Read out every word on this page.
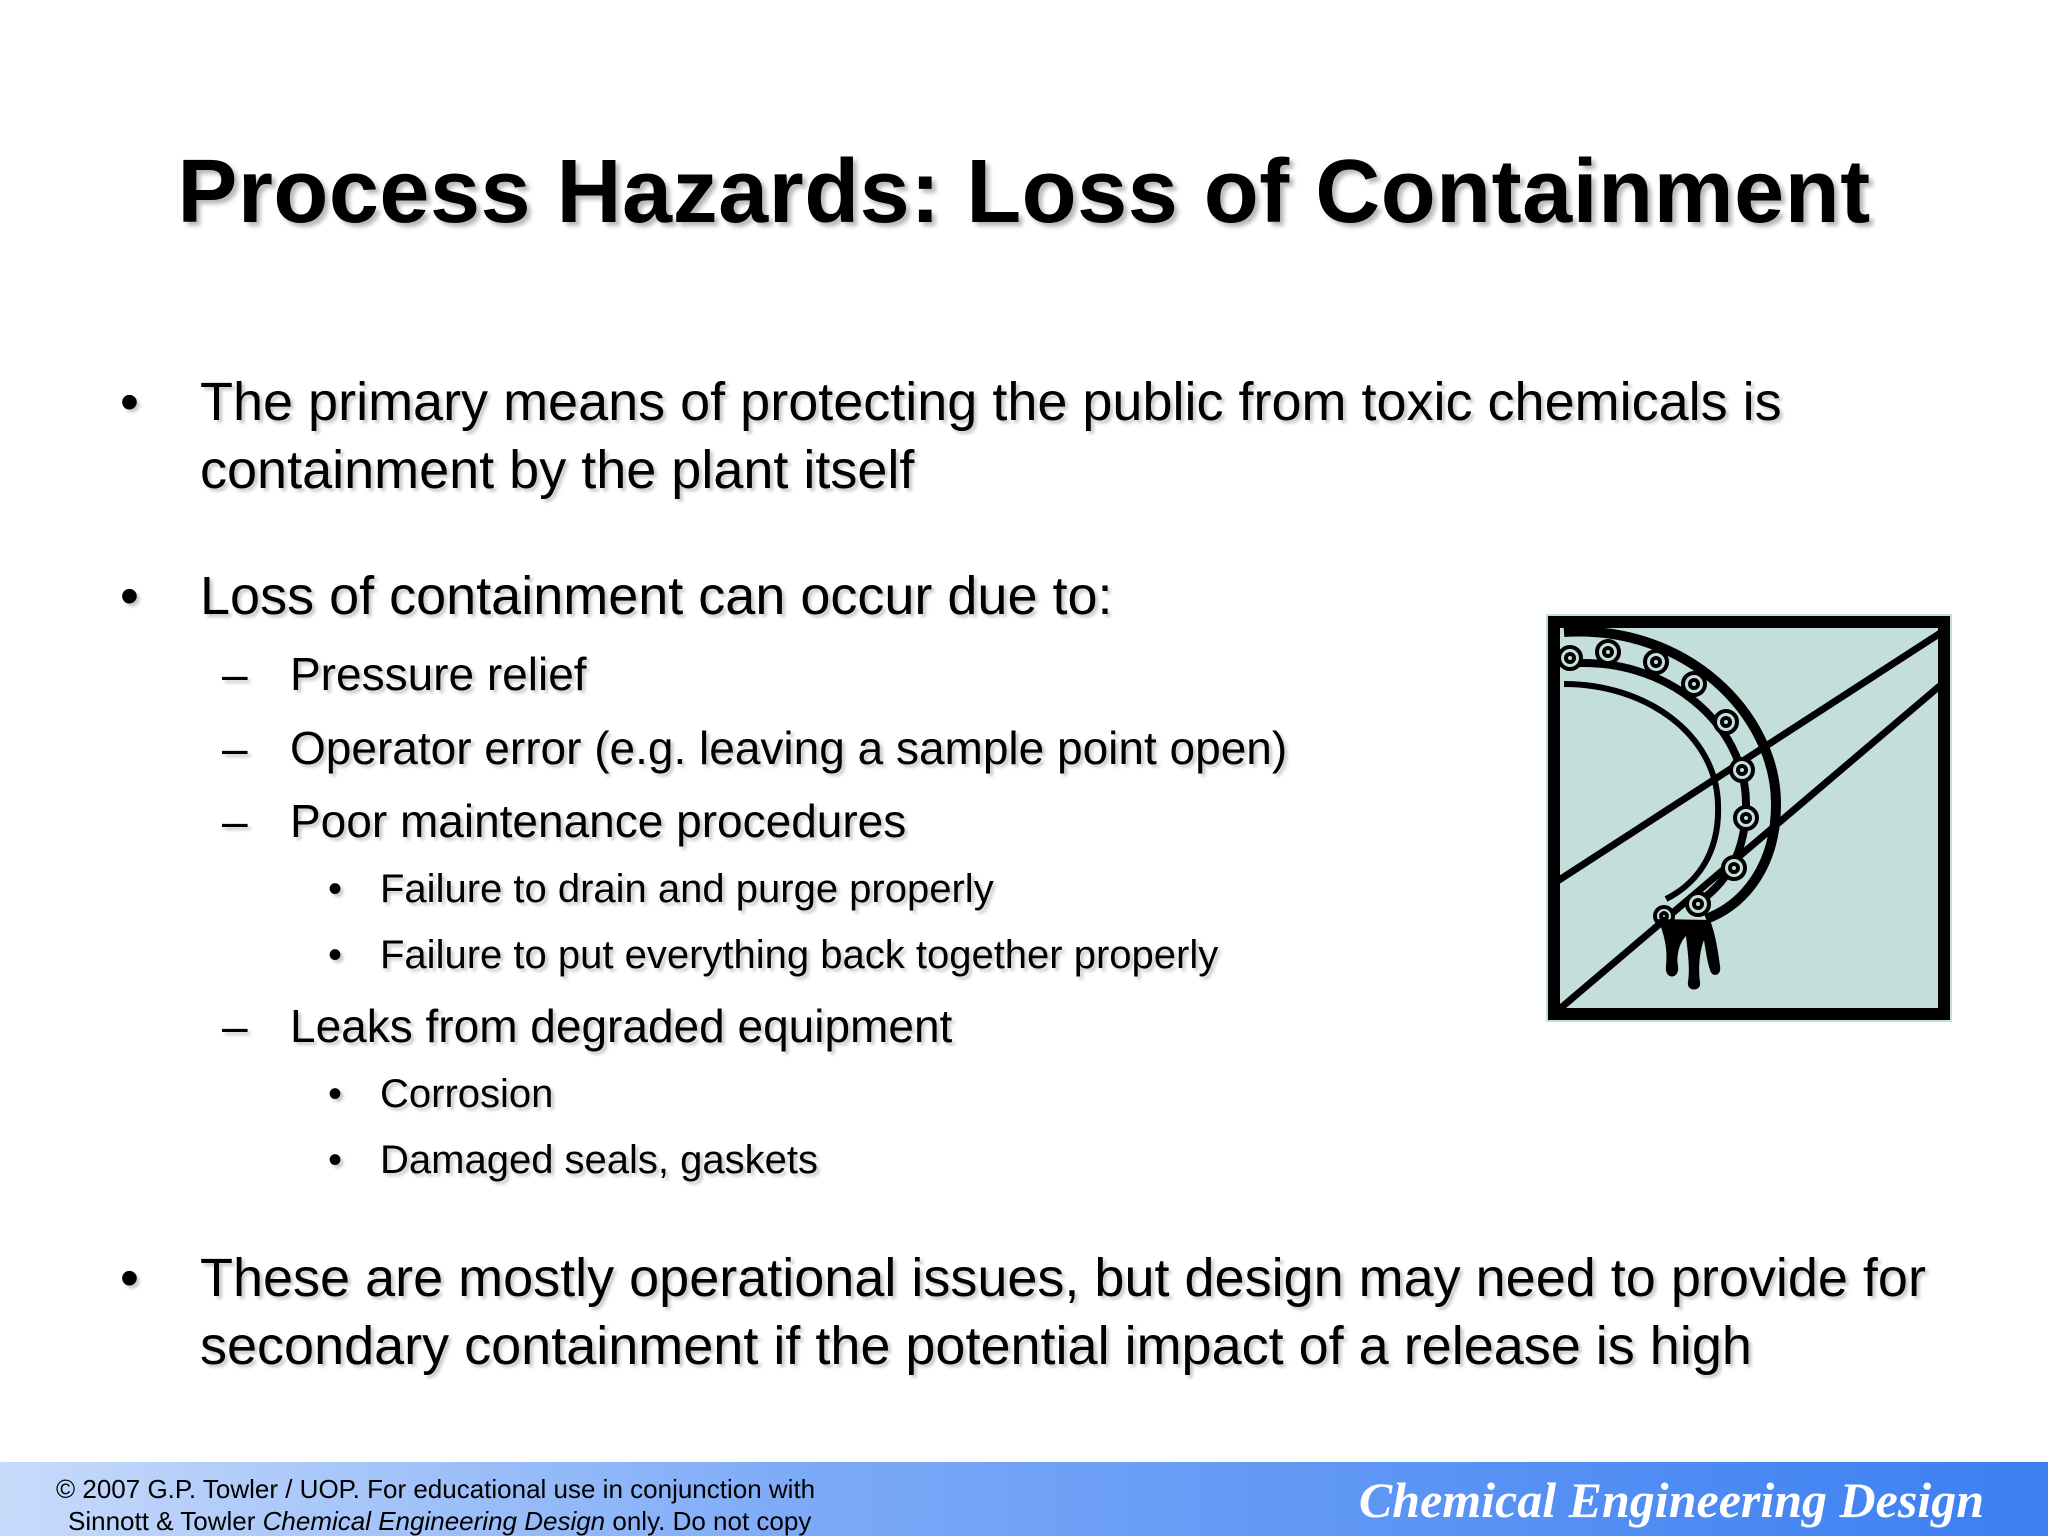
Process Hazards: Loss of Containment
• The primary means of protecting the public from toxic chemicals is containment by the plant itself
• Loss of containment can occur due to:
– Pressure relief
– Operator error (e.g. leaving a sample point open)
– Poor maintenance procedures
• Failure to drain and purge properly
• Failure to put everything back together properly
– Leaks from degraded equipment
• Corrosion
• Damaged seals, gaskets
• These are mostly operational issues, but design may need to provide for secondary containment if the potential impact of a release is high
© 2007 G.P. Towler / UOP. For educational use in conjunction with
Sinnott & Towler Chemical Engineering Design only. Do not copy	Chemical Engineering Design
